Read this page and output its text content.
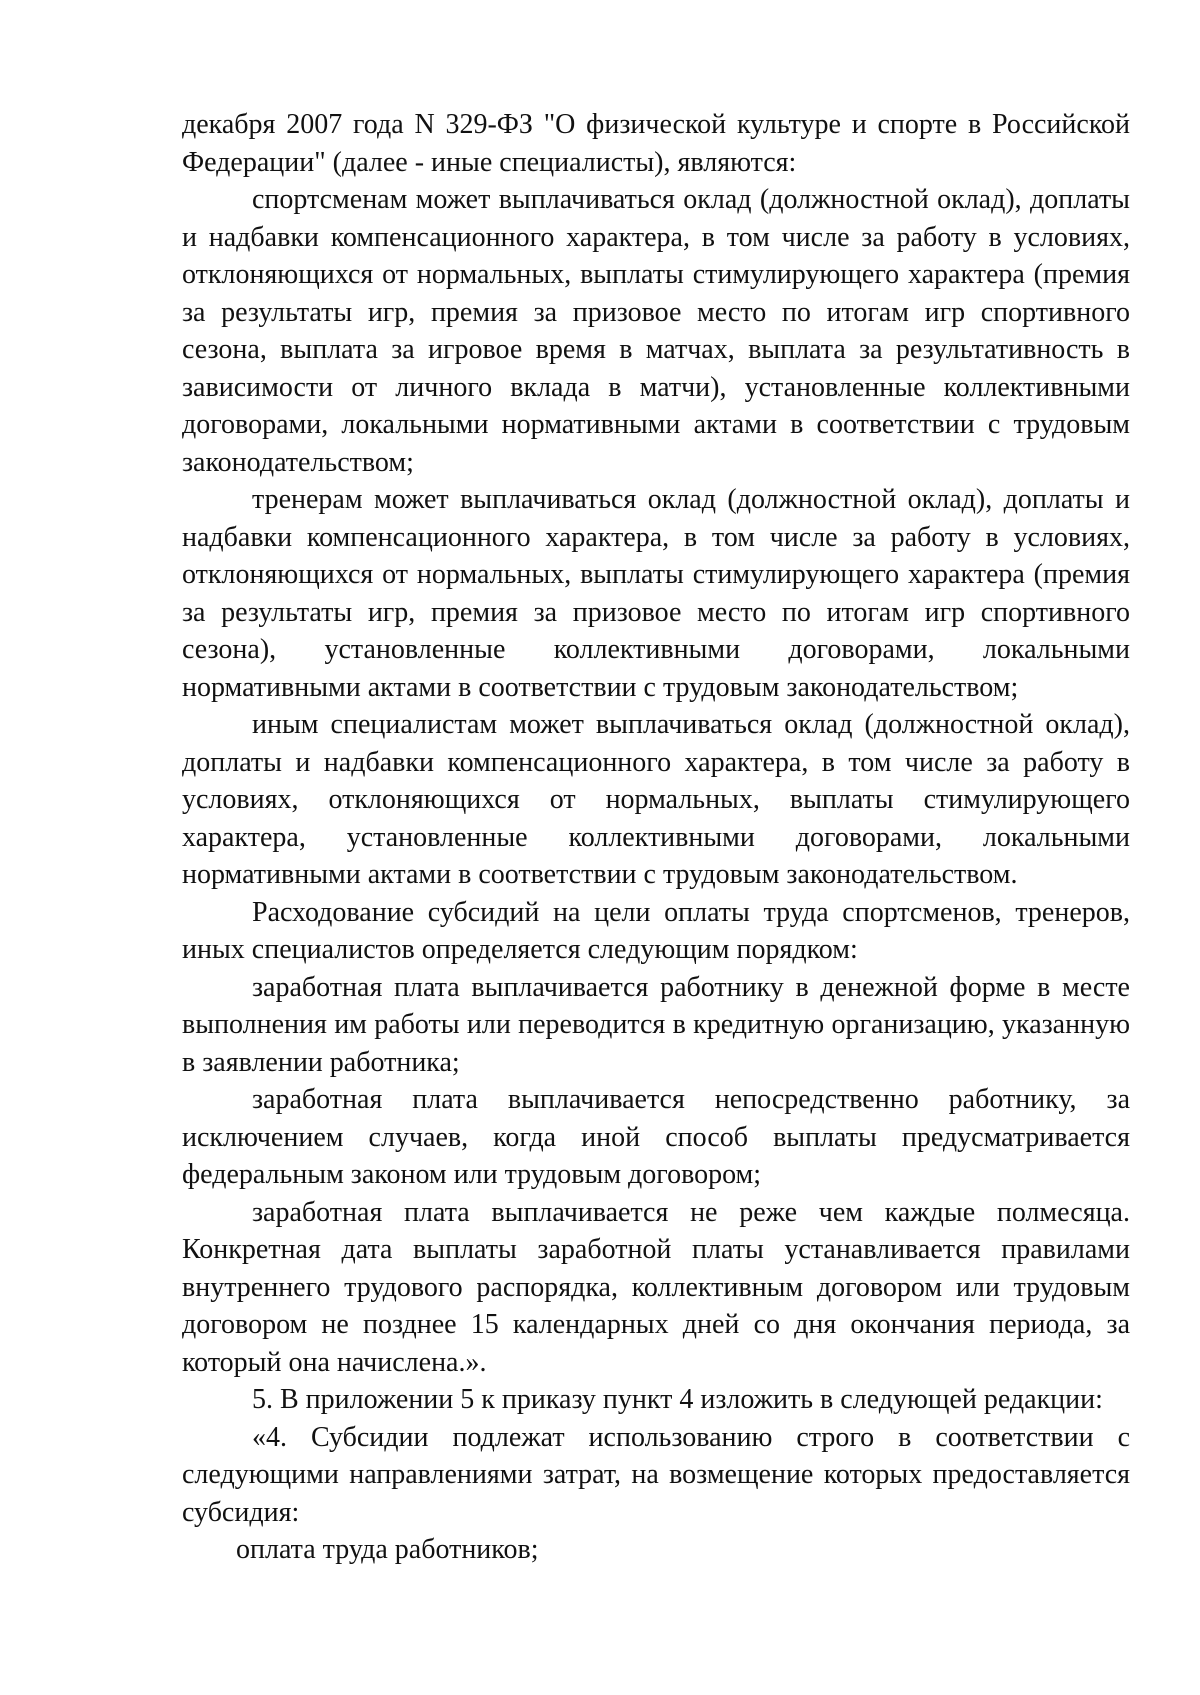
декабря 2007 года N 329-ФЗ "О физической культуре и спорте в Российской Федерации" (далее - иные специалисты), являются:

спортсменам может выплачиваться оклад (должностной оклад), доплаты и надбавки компенсационного характера, в том числе за работу в условиях, отклоняющихся от нормальных, выплаты стимулирующего характера (премия за результаты игр, премия за призовое место по итогам игр спортивного сезона, выплата за игровое время в матчах, выплата за результативность в зависимости от личного вклада в матчи), установленные коллективными договорами, локальными нормативными актами в соответствии с трудовым законодательством;

тренерам может выплачиваться оклад (должностной оклад), доплаты и надбавки компенсационного характера, в том числе за работу в условиях, отклоняющихся от нормальных, выплаты стимулирующего характера (премия за результаты игр, премия за призовое место по итогам игр спортивного сезона), установленные коллективными договорами, локальными нормативными актами в соответствии с трудовым законодательством;

иным специалистам может выплачиваться оклад (должностной оклад), доплаты и надбавки компенсационного характера, в том числе за работу в условиях, отклоняющихся от нормальных, выплаты стимулирующего характера, установленные коллективными договорами, локальными нормативными актами в соответствии с трудовым законодательством.

Расходование субсидий на цели оплаты труда спортсменов, тренеров, иных специалистов определяется следующим порядком:

заработная плата выплачивается работнику в денежной форме в месте выполнения им работы или переводится в кредитную организацию, указанную в заявлении работника;

заработная плата выплачивается непосредственно работнику, за исключением случаев, когда иной способ выплаты предусматривается федеральным законом или трудовым договором;

заработная плата выплачивается не реже чем каждые полмесяца. Конкретная дата выплаты заработной платы устанавливается правилами внутреннего трудового распорядка, коллективным договором или трудовым договором не позднее 15 календарных дней со дня окончания периода, за который она начислена.».

5. В приложении 5 к приказу пункт 4 изложить в следующей редакции:

«4. Субсидии подлежат использованию строго в соответствии с следующими направлениями затрат, на возмещение которых предоставляется субсидия:

оплата труда работников;
